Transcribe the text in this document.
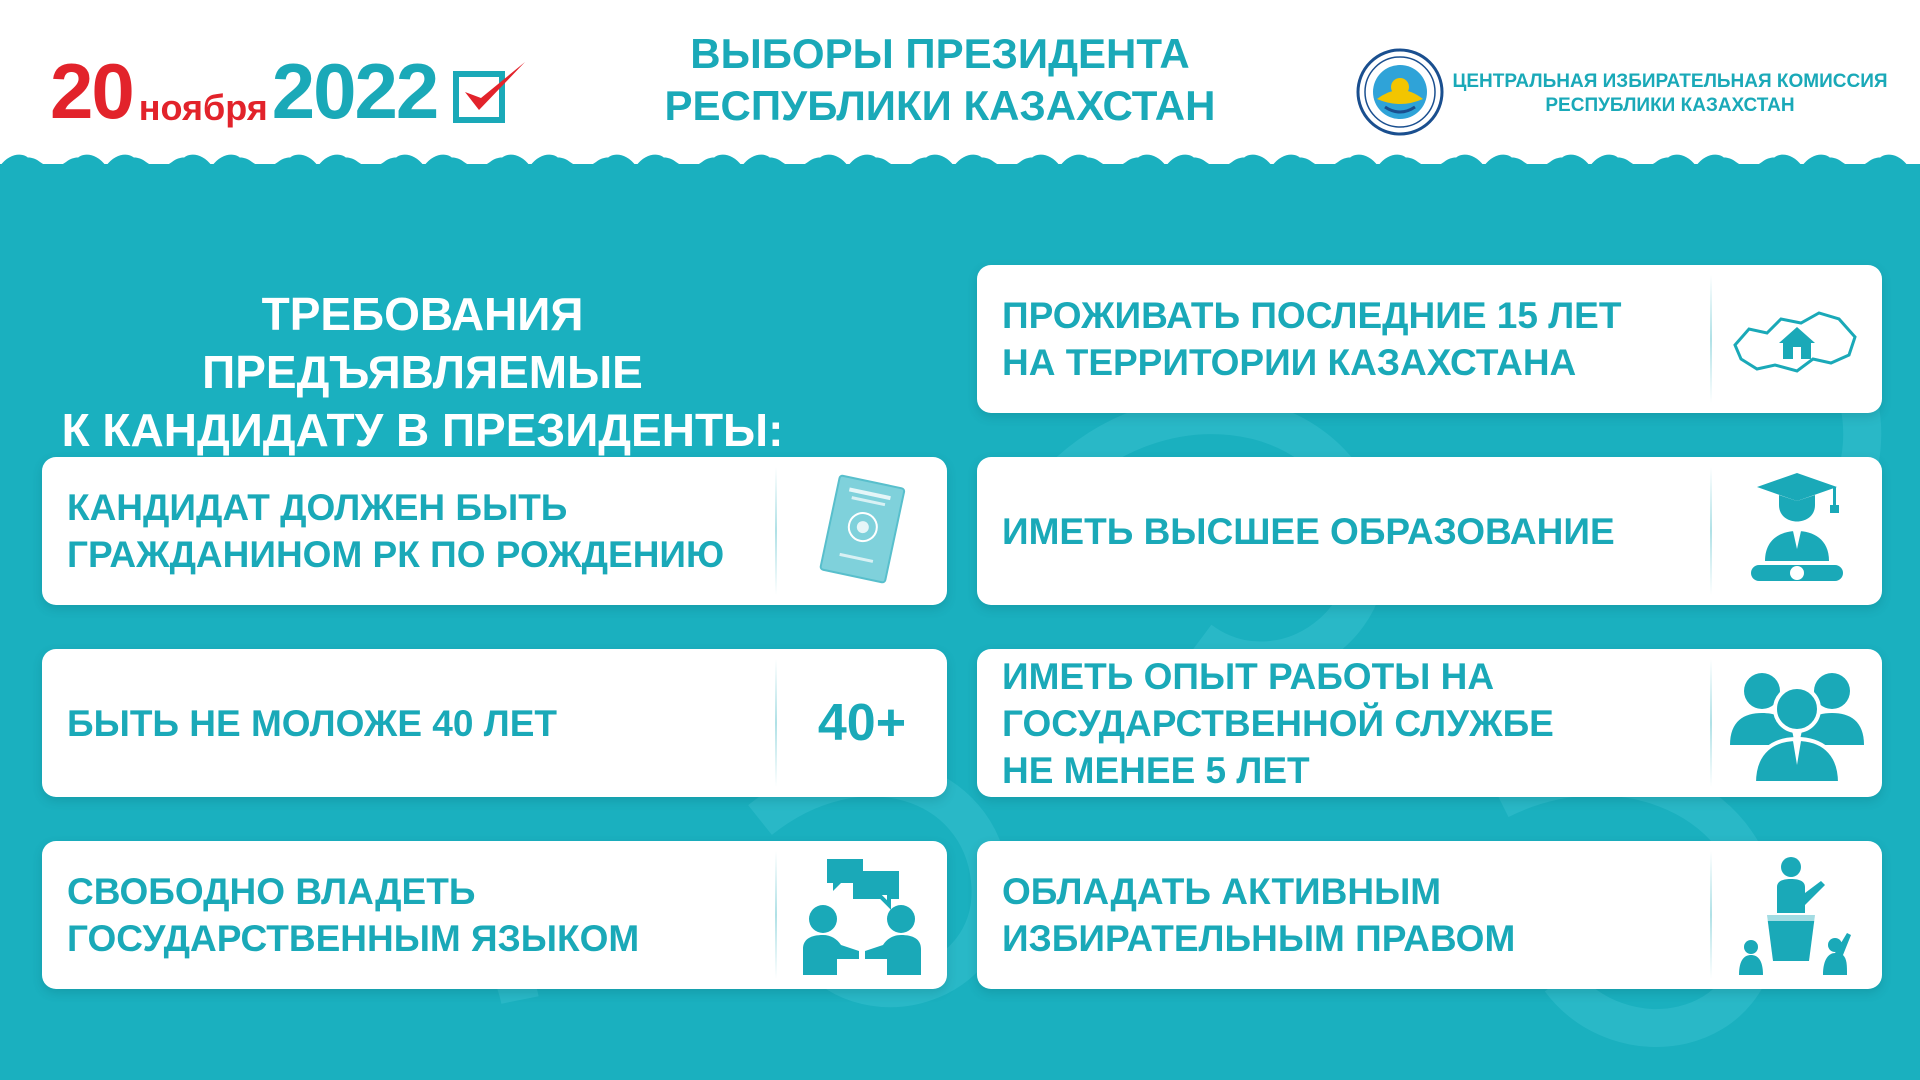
20 ноября 2022	ВЫБОРЫ ПРЕЗИДЕНТА
РЕСПУБЛИКИ КАЗАХСТАН
ЦЕНТРАЛЬНАЯ ИЗБИРАТЕЛЬНАЯ КОМИССИЯ
РЕСПУБЛИКИ КАЗАХСТАН
ТРЕБОВАНИЯ ПРЕДЪЯВЛЯЕМЫЕ
К КАНДИДАТУ В ПРЕЗИДЕНТЫ:
ПРОЖИВАТЬ ПОСЛЕДНИЕ 15 ЛЕТ
НА ТЕРРИТОРИИ КАЗАХСТАНА
КАНДИДАТ ДОЛЖЕН БЫТЬ
ГРАЖДАНИНОМ РК ПО РОЖДЕНИЮ
ИМЕТЬ ВЫСШЕЕ ОБРАЗОВАНИЕ
БЫТЬ НЕ МОЛОЖЕ 40 ЛЕТ	40+
ИМЕТЬ ОПЫТ РАБОТЫ НА
ГОСУДАРСТВЕННОЙ СЛУЖБЕ
НЕ МЕНЕЕ 5 ЛЕТ
СВОБОДНО ВЛАДЕТЬ
ГОСУДАРСТВЕННЫМ ЯЗЫКОМ
ОБЛАДАТЬ АКТИВНЫМ
ИЗБИРАТЕЛЬНЫМ ПРАВОМ
